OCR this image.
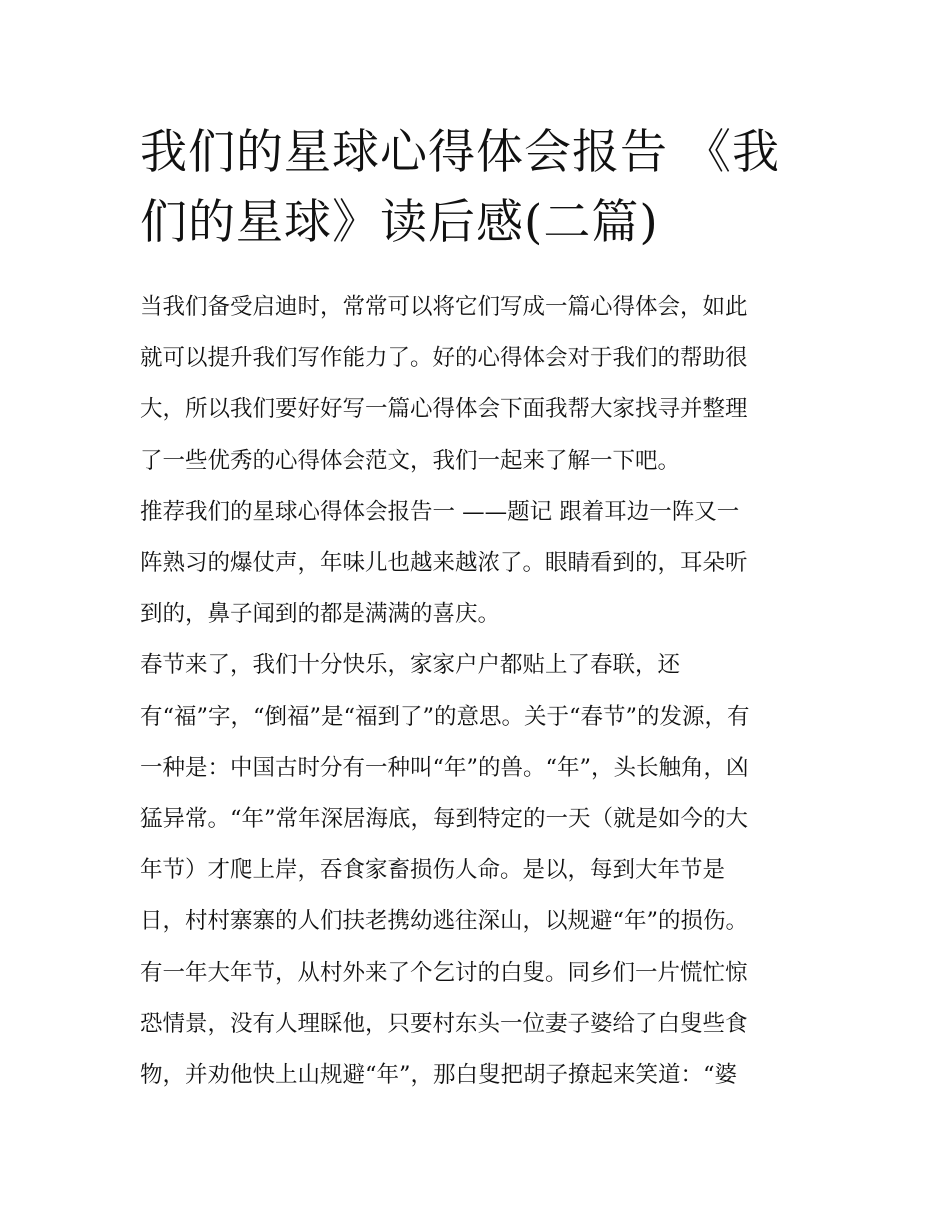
我们的星球心得体会报告 《我
们的星球》读后感(二篇)
当我们备受启迪时，常常可以将它们写成一篇心得体会，如此
就可以提升我们写作能力了。好的心得体会对于我们的帮助很
大，所以我们要好好写一篇心得体会下面我帮大家找寻并整理
了一些优秀的心得体会范文，我们一起来了解一下吧。
推荐我们的星球心得体会报告一 ——题记 跟着耳边一阵又一
阵熟习的爆仗声，年味儿也越来越浓了。眼睛看到的，耳朵听
到的，鼻子闻到的都是满满的喜庆。
春节来了，我们十分快乐，家家户户都贴上了春联，还
有“福”字，“倒福”是“福到了”的意思。关于“春节”的发源，有
一种是：中国古时分有一种叫“年”的兽。“年”，头长触角，凶
猛异常。“年”常年深居海底，每到特定的一天（就是如今的大
年节）才爬上岸，吞食家畜损伤人命。是以，每到大年节是
日，村村寨寨的人们扶老携幼逃往深山，以规避“年”的损伤。
有一年大年节，从村外来了个乞讨的白叟。同乡们一片慌忙惊
恐情景，没有人理睬他，只要村东头一位妻子婆给了白叟些食
物，并劝他快上山规避“年”，那白叟把胡子撩起来笑道：“婆
